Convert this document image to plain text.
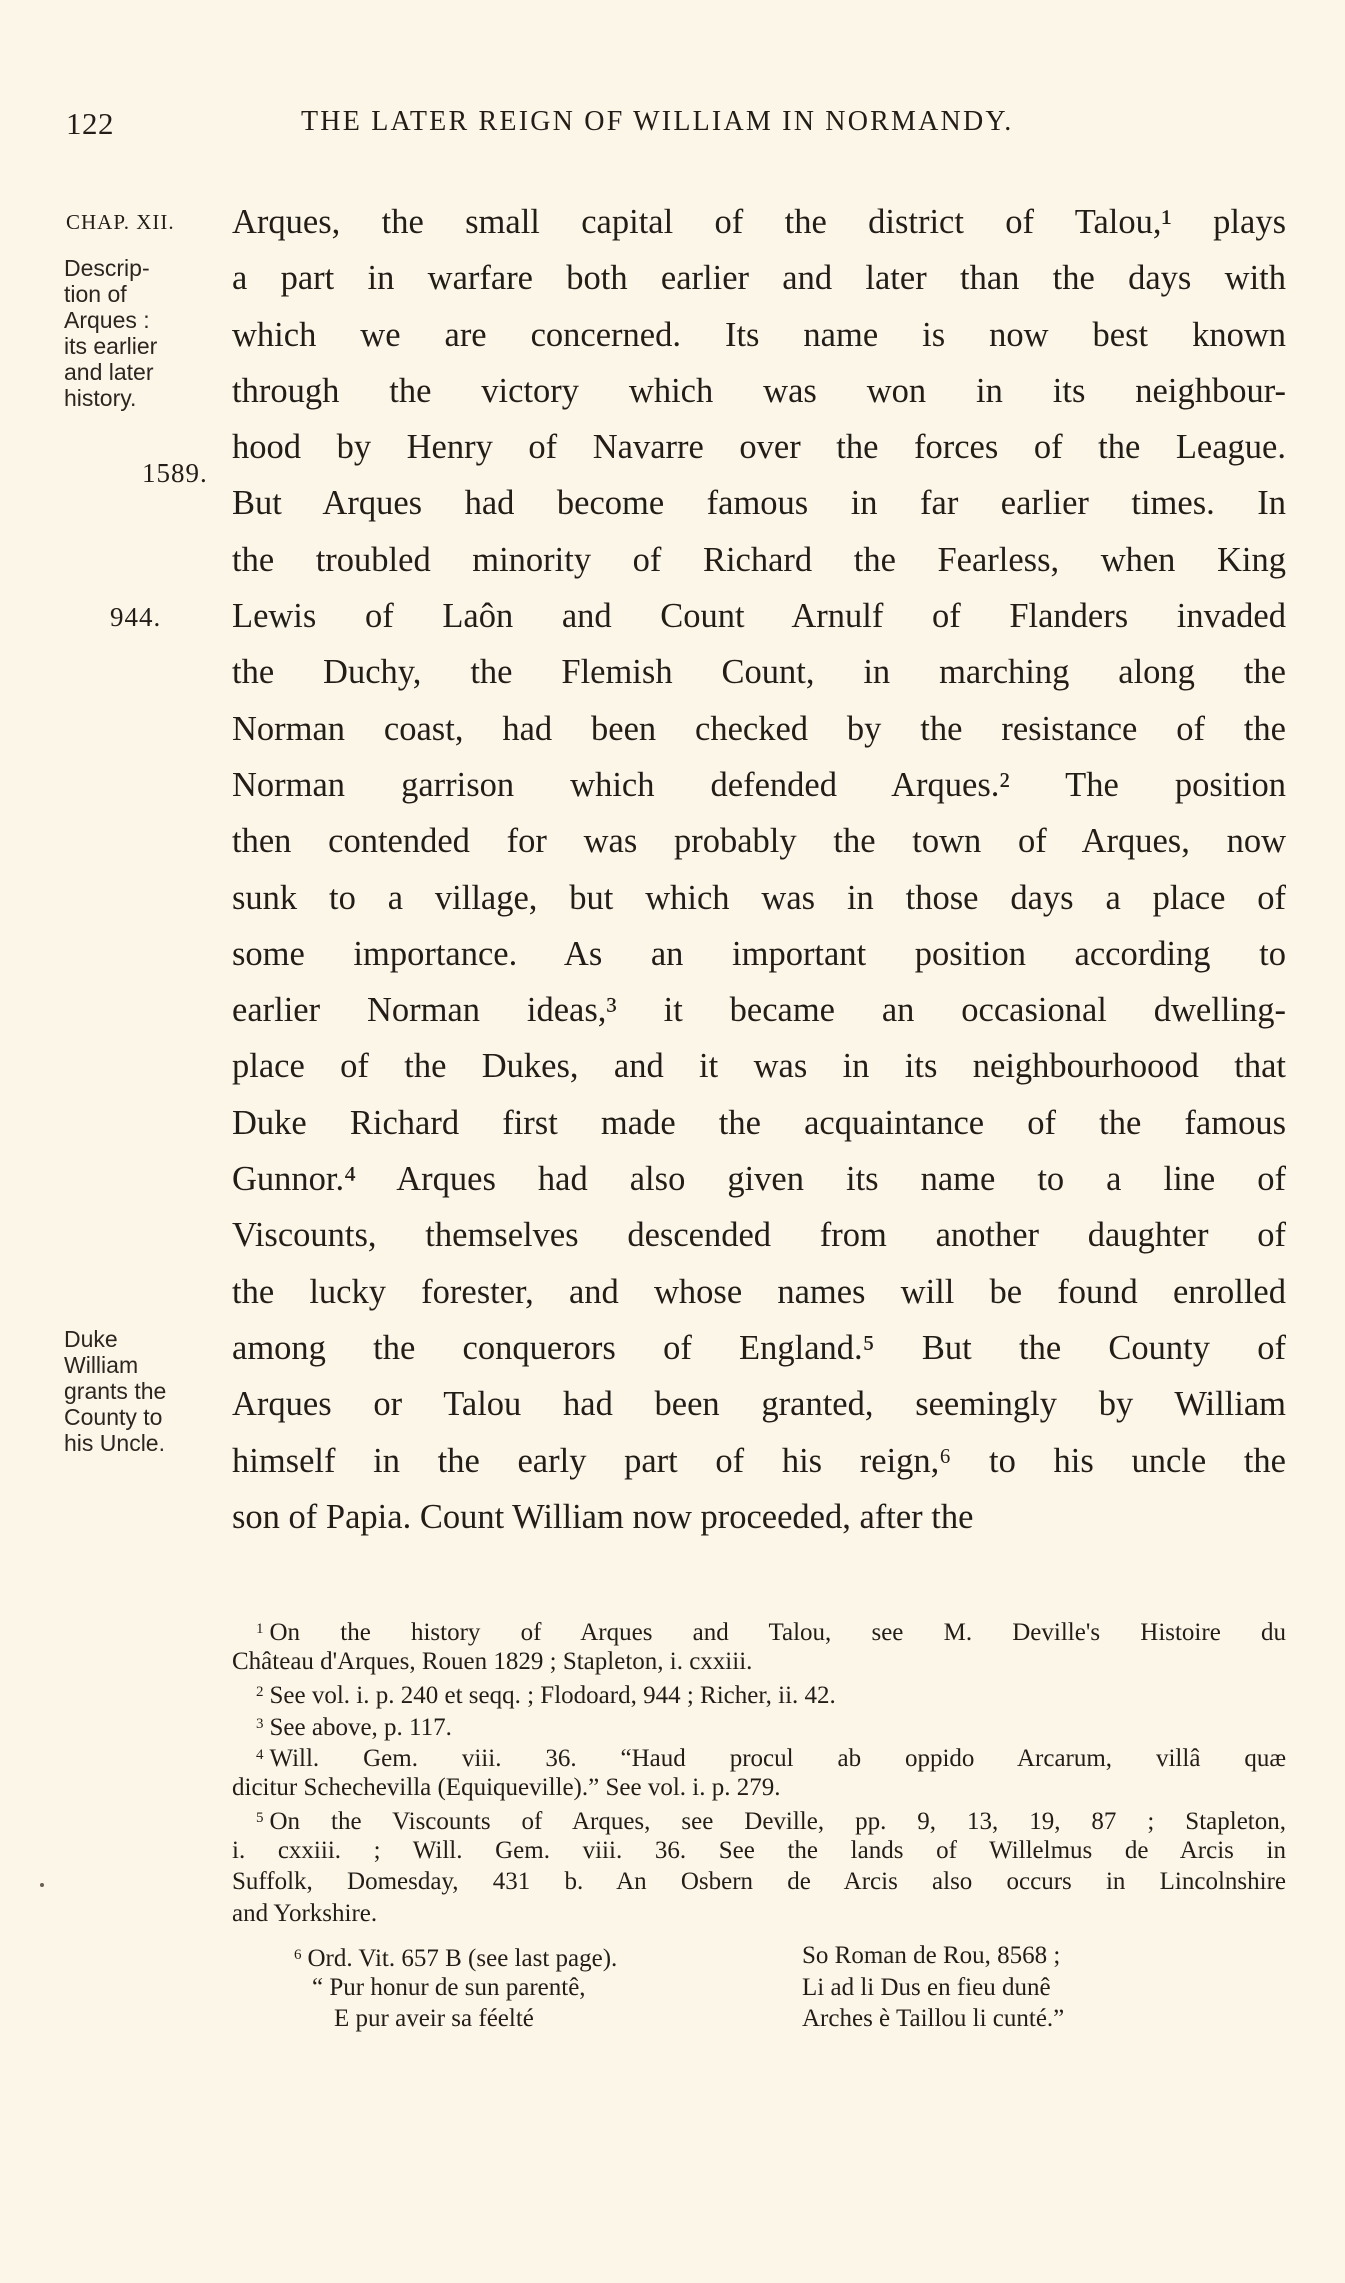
122	THE LATER REIGN OF WILLIAM IN NORMANDY.
CHAP. XII.
Descrip-
tion of
Arques :
its earlier
and later
history.
1589.
944.
Duke
William
grants the
County to
his Uncle.
Arques, the small capital of the district of Talou,¹ plays
a part in warfare both earlier and later than the days with
which we are concerned. Its name is now best known
through the victory which was won in its neighbour-
hood by Henry of Navarre over the forces of the League.
But Arques had become famous in far earlier times. In
the troubled minority of Richard the Fearless, when King
Lewis of Laôn and Count Arnulf of Flanders invaded
the Duchy, the Flemish Count, in marching along the
Norman coast, had been checked by the resistance of the
Norman garrison which defended Arques.² The position
then contended for was probably the town of Arques, now
sunk to a village, but which was in those days a place of
some importance. As an important position according to
earlier Norman ideas,³ it became an occasional dwelling-
place of the Dukes, and it was in its neighbourhoood that
Duke Richard first made the acquaintance of the famous
Gunnor.⁴ Arques had also given its name to a line of
Viscounts, themselves descended from another daughter of
the lucky forester, and whose names will be found enrolled
among the conquerors of England.⁵ But the County of
Arques or Talou had been granted, seemingly by William
himself in the early part of his reign,⁶ to his uncle the
son of Papia. Count William now proceeded, after the
$^1$ On the history of Arques and Talou, see M. Deville's Histoire du
Château d'Arques, Rouen 1829 ; Stapleton, i. cxxiii.
$^2$ See vol. i. p. 240 et seqq. ; Flodoard, 944 ; Richer, ii. 42.
$^3$ See above, p. 117.
$^4$ Will. Gem. viii. 36. “Haud procul ab oppido Arcarum, villâ quæ
dicitur Schechevilla (Equiqueville).” See vol. i. p. 279.
$^5$ On the Viscounts of Arques, see Deville, pp. 9, 13, 19, 87 ; Stapleton,
i. cxxiii. ; Will. Gem. viii. 36. See the lands of Willelmus de Arcis in
Suffolk, Domesday, 431 b. An Osbern de Arcis also occurs in Lincolnshire
and Yorkshire.
$^6$ Ord. Vit. 657 B (see last page).	So Roman de Rou, 8568 ;
“ Pur honur de sun parentê,	Li ad li Dus en fieu dunê
E pur aveir sa féelté	Arches è Taillou li cunté.”
